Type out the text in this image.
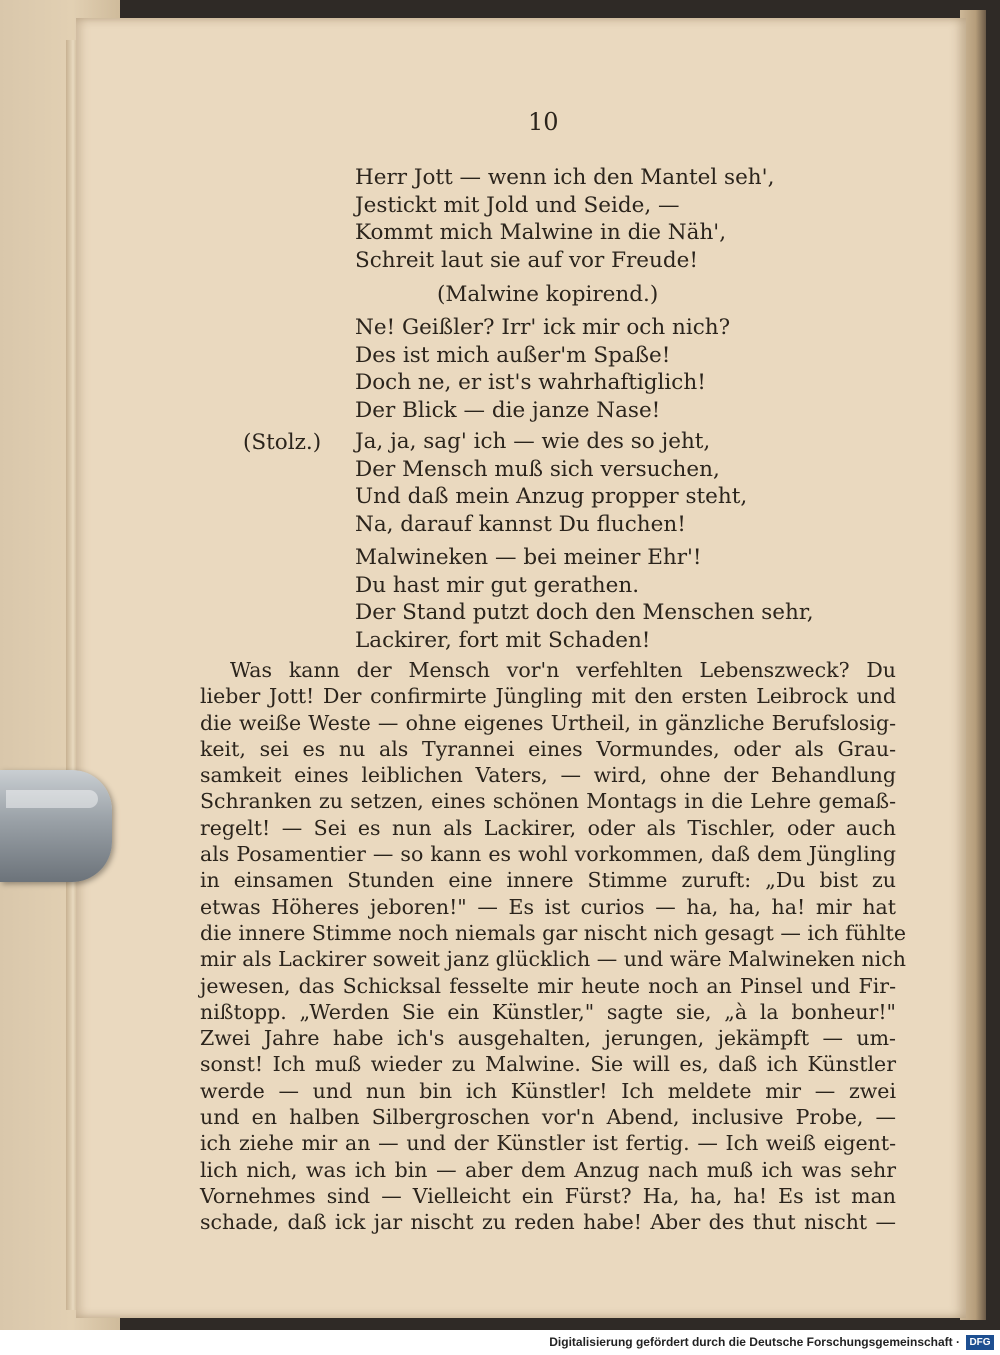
10
Herr Jott — wenn ich den Mantel seh',
Jestickt mit Jold und Seide, —
Kommt mich Malwine in die Näh',
Schreit laut sie auf vor Freude!
(Malwine kopirend.)
Ne! Geißler? Irr' ick mir och nich?
Des ist mich außer'm Spaße!
Doch ne, er ist's wahrhaftiglich!
Der Blick — die janze Nase!
(Stolz.) Ja, ja, sag' ich — wie des so jeht,
Der Mensch muß sich versuchen,
Und daß mein Anzug propper steht,
Na, darauf kannst Du fluchen!
Malwineken — bei meiner Ehr'!
Du hast mir gut gerathen.
Der Stand putzt doch den Menschen sehr,
Lackirer, fort mit Schaden!
Was kann der Mensch vor'n verfehlten Lebenszweck? Du
lieber Jott! Der confirmirte Jüngling mit den ersten Leibrock und
die weiße Weste — ohne eigenes Urtheil, in gänzliche Berufslosig-
keit, sei es nu als Tyrannei eines Vormundes, oder als Grau-
samkeit eines leiblichen Vaters, — wird, ohne der Behandlung
Schranken zu setzen, eines schönen Montags in die Lehre gemaß-
regelt! — Sei es nun als Lackirer, oder als Tischler, oder auch
als Posamentier — so kann es wohl vorkommen, daß dem Jüngling
in einsamen Stunden eine innere Stimme zuruft: „Du bist zu
etwas Höheres jeboren!" — Es ist curios — ha, ha, ha! mir hat
die innere Stimme noch niemals gar nischt nich gesagt — ich fühlte
mir als Lackirer soweit janz glücklich — und wäre Malwineken nich
jewesen, das Schicksal fesselte mir heute noch an Pinsel und Fir-
nißtopp. „Werden Sie ein Künstler," sagte sie, „à la bonheur!"
Zwei Jahre habe ich's ausgehalten, jerungen, jekämpft — um-
sonst! Ich muß wieder zu Malwine. Sie will es, daß ich Künstler
werde — und nun bin ich Künstler! Ich meldete mir — zwei
und en halben Silbergroschen vor'n Abend, inclusive Probe, —
ich ziehe mir an — und der Künstler ist fertig. — Ich weiß eigent-
lich nich, was ich bin — aber dem Anzug nach muß ich was sehr
Vornehmes sind — Vielleicht ein Fürst? Ha, ha, ha! Es ist man
schade, daß ick jar nischt zu reden habe! Aber des thut nischt —
Digitalisierung gefördert durch die Deutsche Forschungsgemeinschaft · DFG
